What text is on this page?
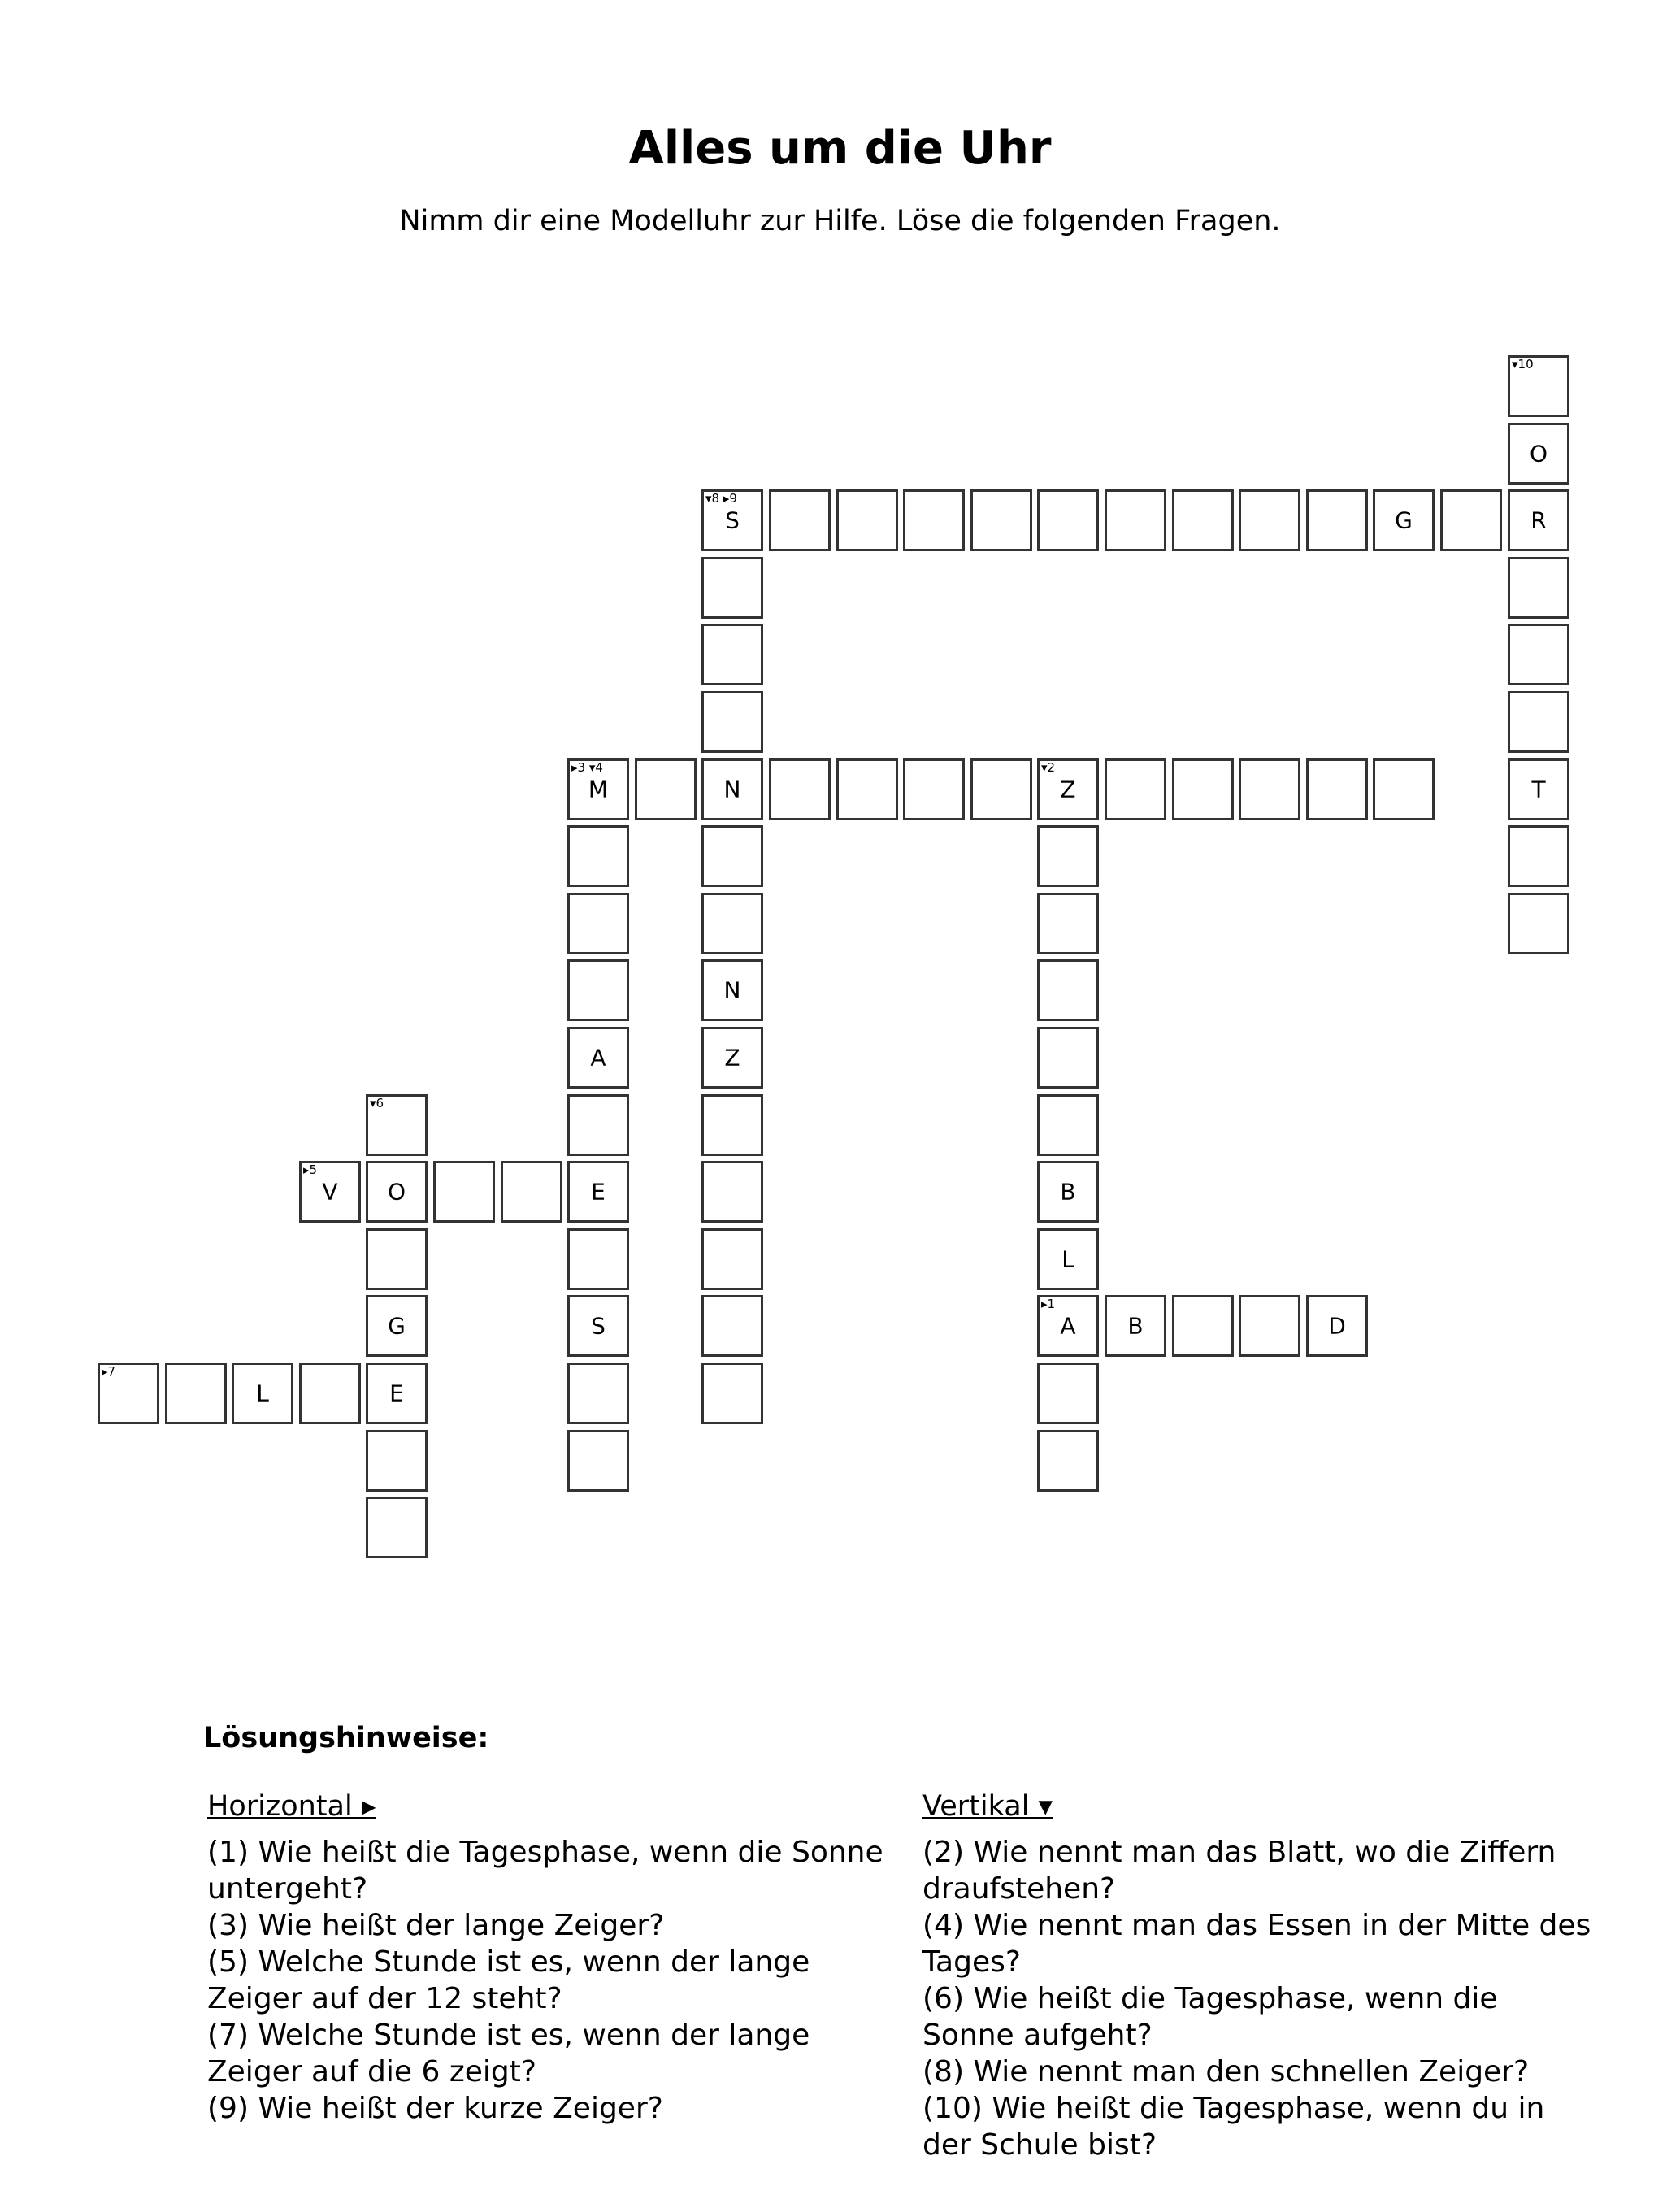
Alles um die Uhr

Nimm dir eine Modelluhr zur Hilfe. Löse die folgenden Fragen.

▾10
O
▾8 ▸9
S	G	R
▸3 ▾4
M	N
▾2
Z	T
N
A	Z
▾6
▸5
V	O	E	B
L
G	S
▸1
A	B	D
▸7
L	E
Lösungshinweise:

Horizontal ▸

(1) Wie heißt die Tagesphase, wenn die Sonne untergeht?

(3) Wie heißt der lange Zeiger?

(5) Welche Stunde ist es, wenn der lange Zeiger auf der 12 steht?

(7) Welche Stunde ist es, wenn der lange Zeiger auf die 6 zeigt?

(9) Wie heißt der kurze Zeiger?

Vertikal ▾

(2) Wie nennt man das Blatt, wo die Ziffern draufstehen?

(4) Wie nennt man das Essen in der Mitte des Tages?

(6) Wie heißt die Tagesphase, wenn die Sonne aufgeht?

(8) Wie nennt man den schnellen Zeiger?

(10) Wie heißt die Tagesphase, wenn du in der Schule bist?
